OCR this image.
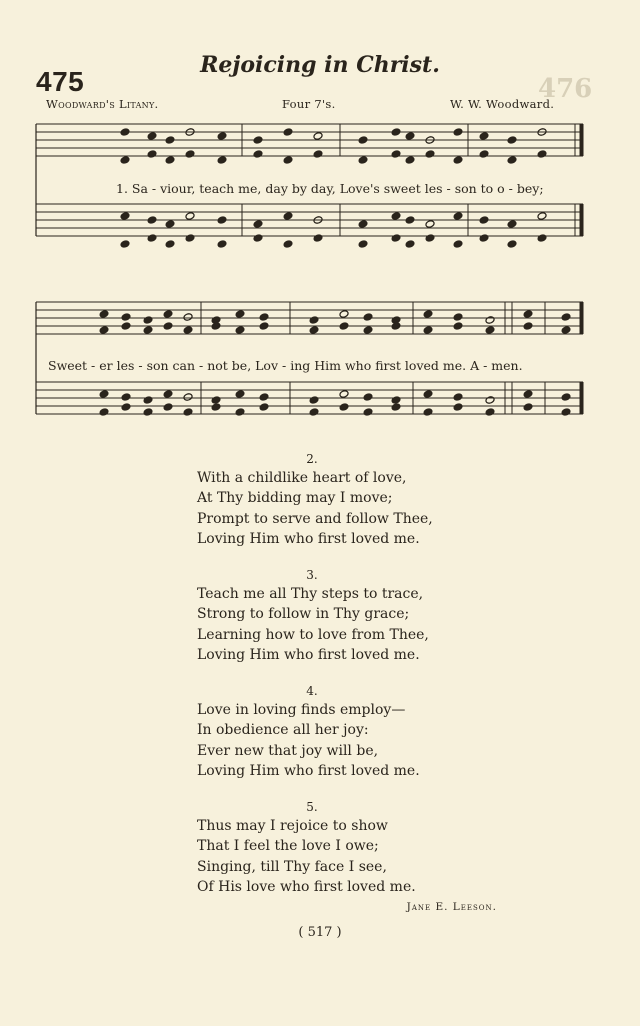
476
475
Rejoicing in Christ.
Woodward's Litany.	Four 7's.	W. W. Woodward.
1. Sa - viour, teach me, day by day, Love's sweet les - son to o - bey;
Sweet - er les - son can - not be, Lov - ing Him who first loved me. A - men.
2.
With a childlike heart of love,
At Thy bidding may I move;
Prompt to serve and follow Thee,
Loving Him who first loved me.
3.
Teach me all Thy steps to trace,
Strong to follow in Thy grace;
Learning how to love from Thee,
Loving Him who first loved me.
4.
Love in loving finds employ—
In obedience all her joy:
Ever new that joy will be,
Loving Him who first loved me.
5.
Thus may I rejoice to show
That I feel the love I owe;
Singing, till Thy face I see,
Of His love who first loved me.
Jane E. Leeson.
( 517 )
